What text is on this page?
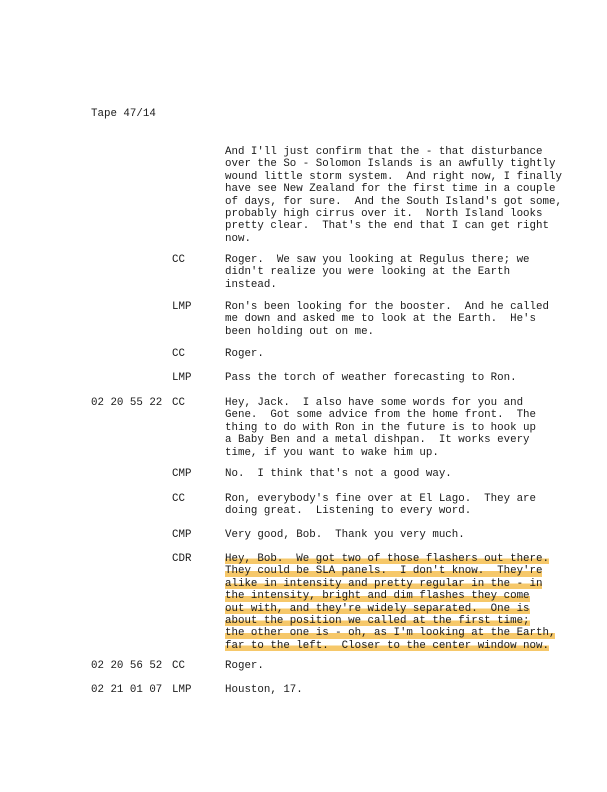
Tape 47/14
And I'll just confirm that the - that disturbance
over the So - Solomon Islands is an awfully tightly
wound little storm system.  And right now, I finally
have see New Zealand for the first time in a couple
of days, for sure.  And the South Island's got some,
probably high cirrus over it.  North Island looks
pretty clear.  That's the end that I can get right
now.
CC	Roger.  We saw you looking at Regulus there; we
didn't realize you were looking at the Earth
instead.
LMP	Ron's been looking for the booster.  And he called
me down and asked me to look at the Earth.  He's
been holding out on me.
CC	Roger.
LMP	Pass the torch of weather forecasting to Ron.
02 20 55 22 CC	Hey, Jack.  I also have some words for you and
Gene.  Got some advice from the home front.  The
thing to do with Ron in the future is to hook up
a Baby Ben and a metal dishpan.  It works every
time, if you want to wake him up.
CMP	No.  I think that's not a good way.
CC	Ron, everybody's fine over at El Lago.  They are
doing great.  Listening to every word.
CMP	Very good, Bob.  Thank you very much.
CDR	Hey, Bob.  We got two of those flashers out there.
They could be SLA panels.  I don't know.  They're
alike in intensity and pretty regular in the - in
the intensity, bright and dim flashes they come
out with, and they're widely separated.  One is
about the position we called at the first time;
the other one is - oh, as I'm looking at the Earth,
far to the left.  Closer to the center window now.
02 20 56 52 CC	Roger.
02 21 01 07 LMP	Houston, 17.
